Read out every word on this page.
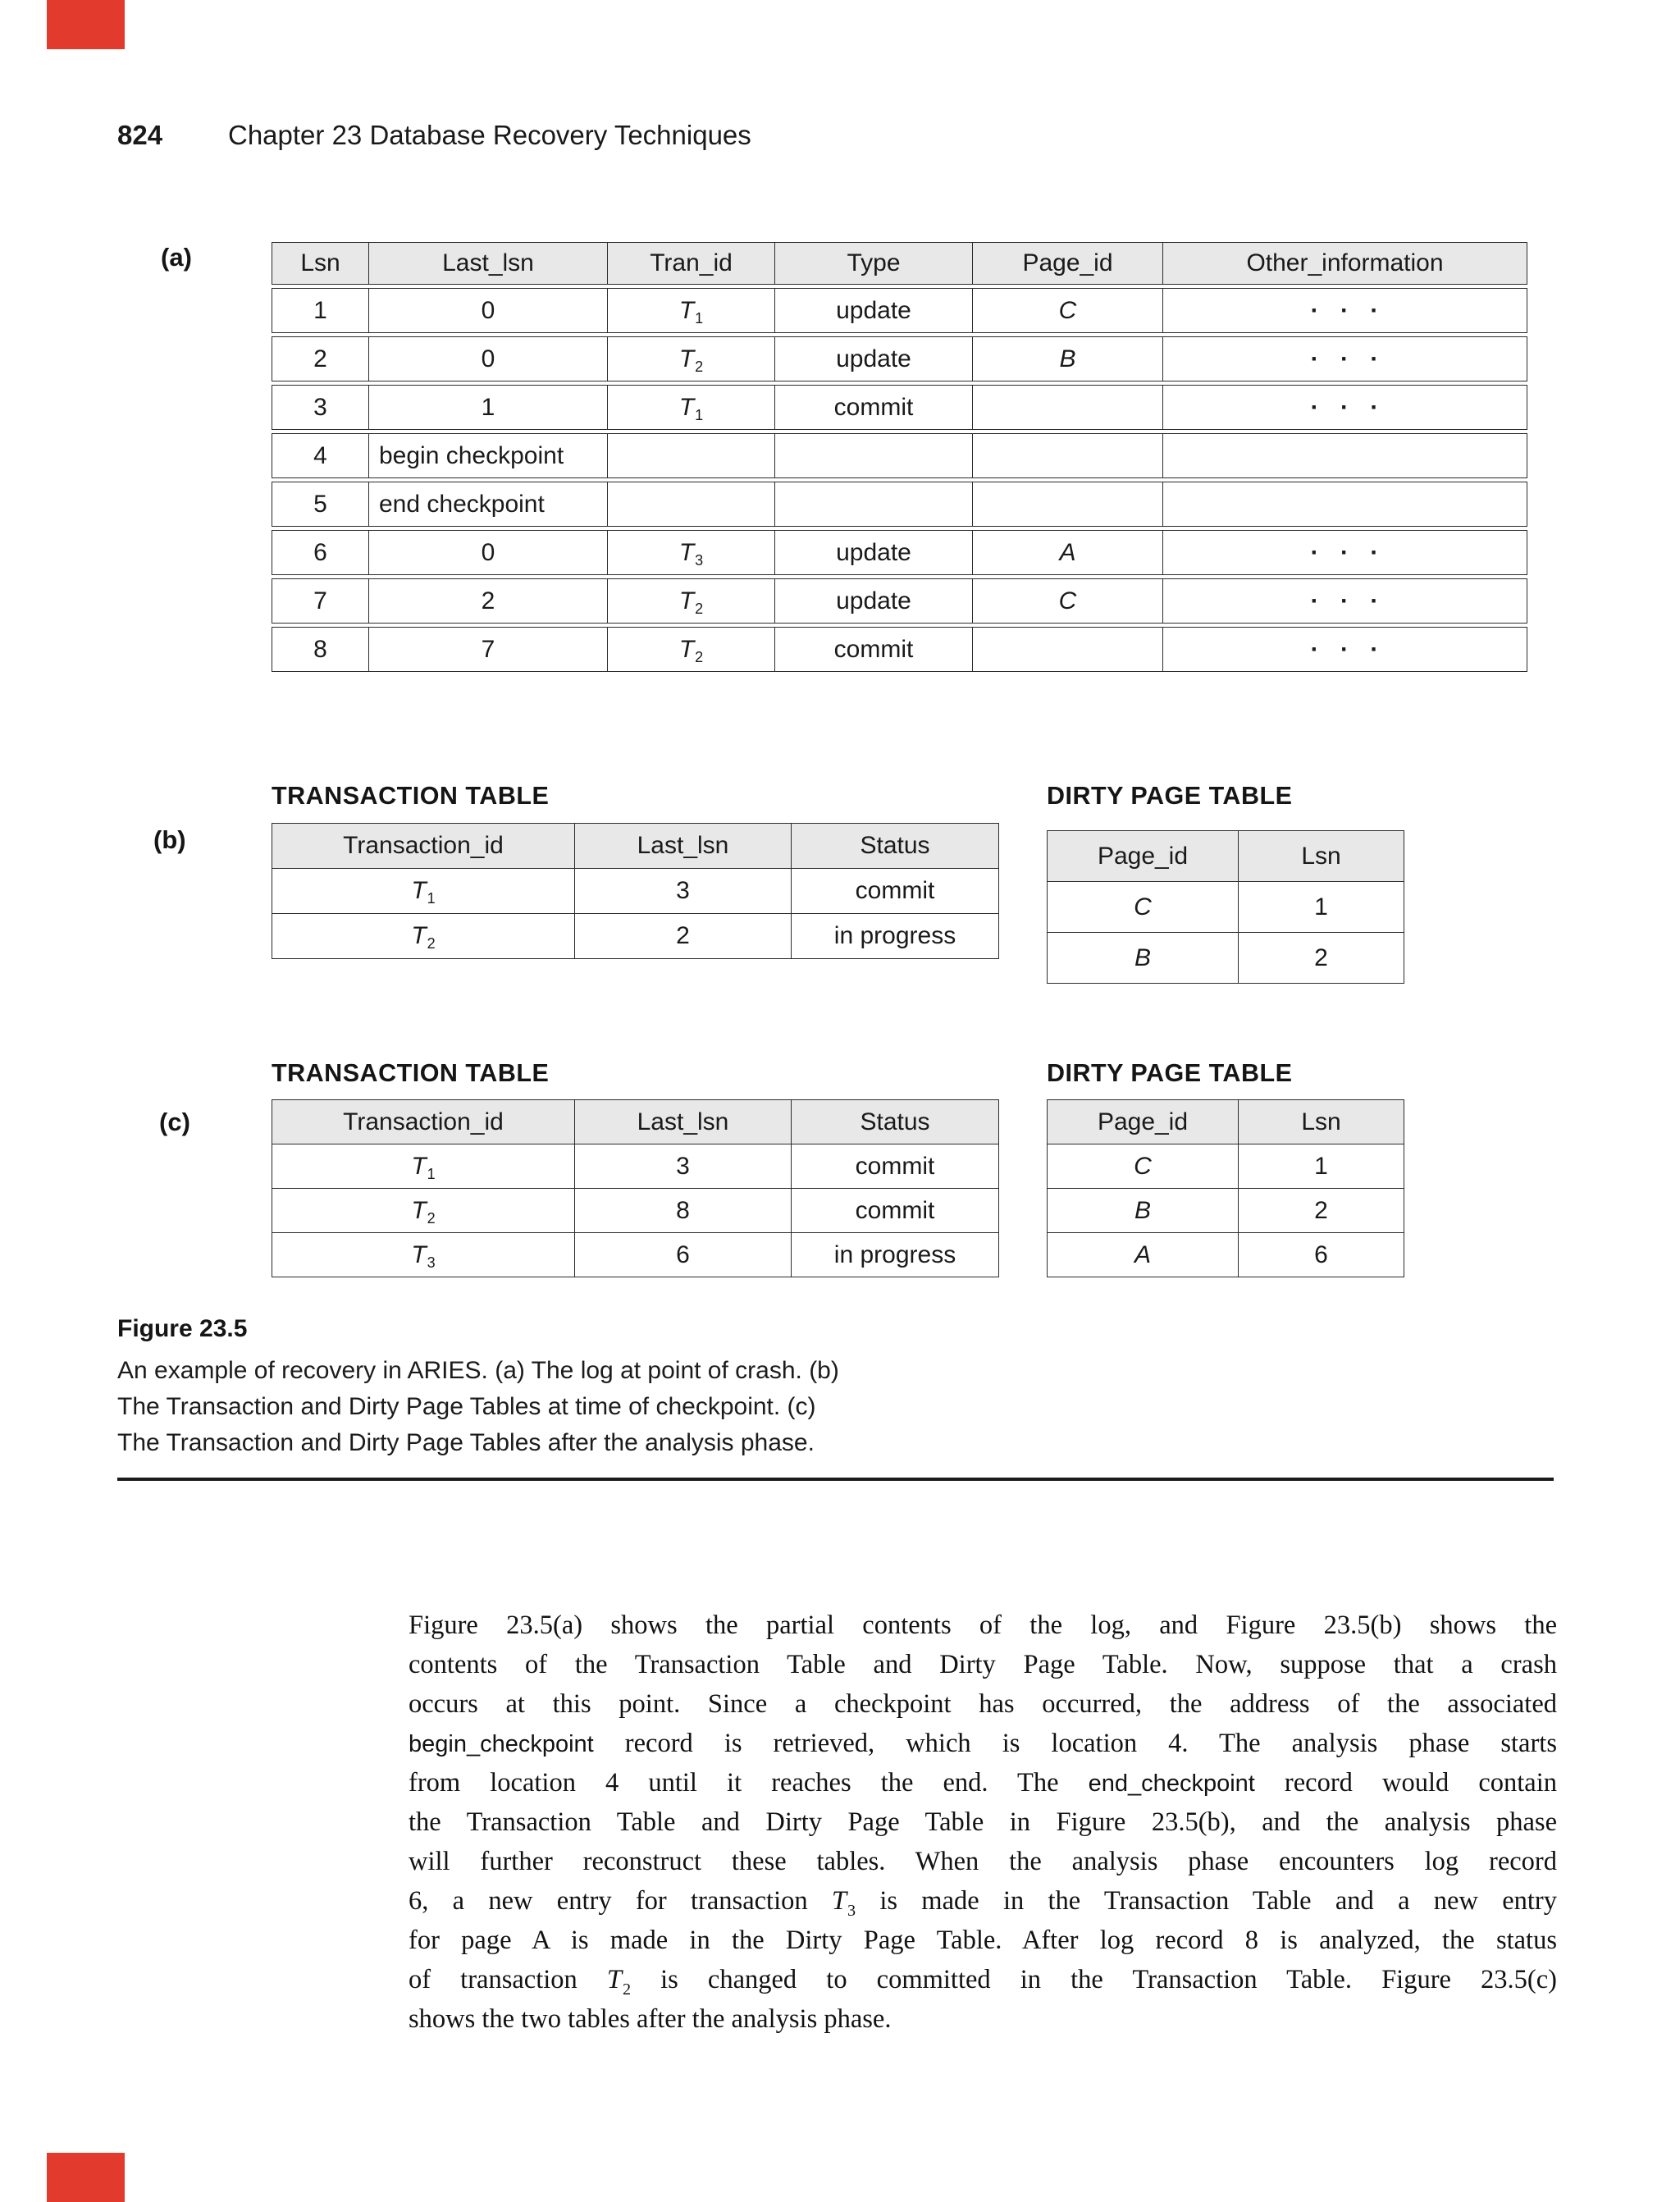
824 Chapter 23 Database Recovery Techniques
(a)	Lsn	Last_lsn	Tran_id	Type	Page_id	Other_information
1	0	$T_1$	update	C	· · ·
2	0	$T_2$	update	B	· · ·
3	1	$T_1$	commit		· · ·
4	begin checkpoint				
5	end checkpoint				
6	0	$T_3$	update	A	· · ·
7	2	$T_2$	update	C	· · ·
8	7	$T_2$	commit		· · ·
TRANSACTION TABLE	DIRTY PAGE TABLE
(b)	Transaction_id	Last_lsn	Status
$T_1$	3	commit
$T_2$	2	in progress
Page_id	Lsn
C	1
B	2
TRANSACTION TABLE	DIRTY PAGE TABLE
(c)	Transaction_id	Last_lsn	Status
$T_1$	3	commit
$T_2$	8	commit
$T_3$	6	in progress
Page_id	Lsn
C	1
B	2
A	6
Figure 23.5
An example of recovery in ARIES. (a) The log at point of crash. (b)
The Transaction and Dirty Page Tables at time of checkpoint. (c)
The Transaction and Dirty Page Tables after the analysis phase.
Figure 23.5(a) shows the partial contents of the log, and Figure 23.5(b) shows the
contents of the Transaction Table and Dirty Page Table. Now, suppose that a crash
occurs at this point. Since a checkpoint has occurred, the address of the associated
begin_checkpoint record is retrieved, which is location 4. The analysis phase starts
from location 4 until it reaches the end. The end_checkpoint record would contain
the Transaction Table and Dirty Page Table in Figure 23.5(b), and the analysis phase
will further reconstruct these tables. When the analysis phase encounters log record
6, a new entry for transaction $T_3$ is made in the Transaction Table and a new entry
for page A is made in the Dirty Page Table. After log record 8 is analyzed, the status
of transaction $T_2$ is changed to committed in the Transaction Table. Figure 23.5(c)
shows the two tables after the analysis phase.
